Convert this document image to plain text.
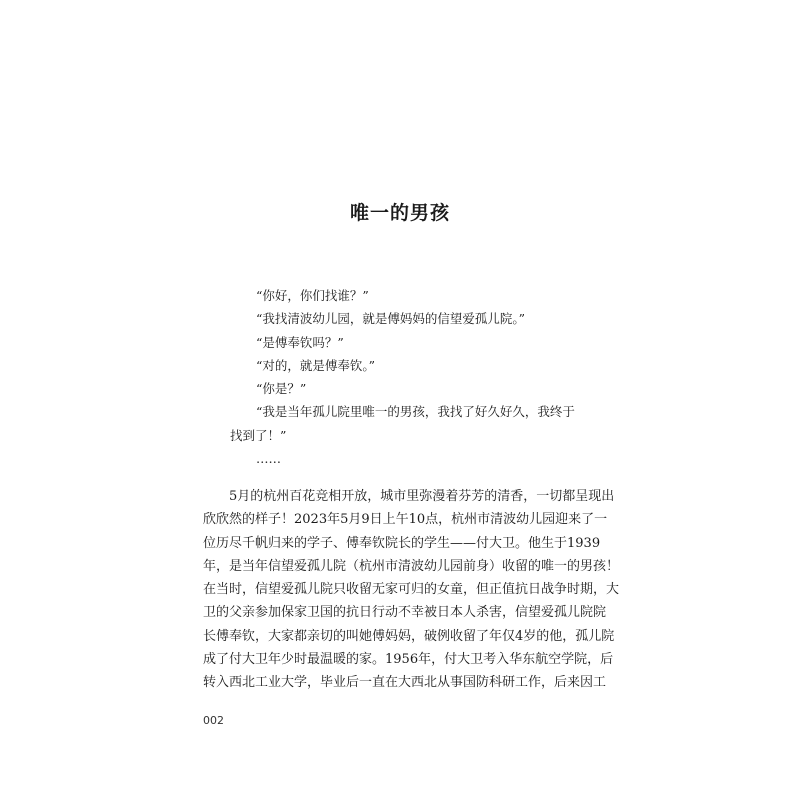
唯一的男孩
“你好，你们找谁？”
“我找清波幼儿园，就是傅妈妈的信望爱孤儿院。”
“是傅奉钦吗？”
“对的，就是傅奉钦。”
“你是？”
“我是当年孤儿院里唯一的男孩，我找了好久好久，我终于
找到了！”
……
5月的杭州百花竞相开放，城市里弥漫着芬芳的清香，一切都呈现出
欣欣然的样子！2023年5月9日上午10点，杭州市清波幼儿园迎来了一
位历尽千帆归来的学子、傅奉钦院长的学生——付大卫。他生于1939
年，是当年信望爱孤儿院（杭州市清波幼儿园前身）收留的唯一的男孩！
在当时，信望爱孤儿院只收留无家可归的女童，但正值抗日战争时期，大
卫的父亲参加保家卫国的抗日行动不幸被日本人杀害，信望爱孤儿院院
长傅奉钦，大家都亲切的叫她傅妈妈，破例收留了年仅4岁的他，孤儿院
成了付大卫年少时最温暖的家。1956年，付大卫考入华东航空学院，后
转入西北工业大学，毕业后一直在大西北从事国防科研工作，后来因工
002
